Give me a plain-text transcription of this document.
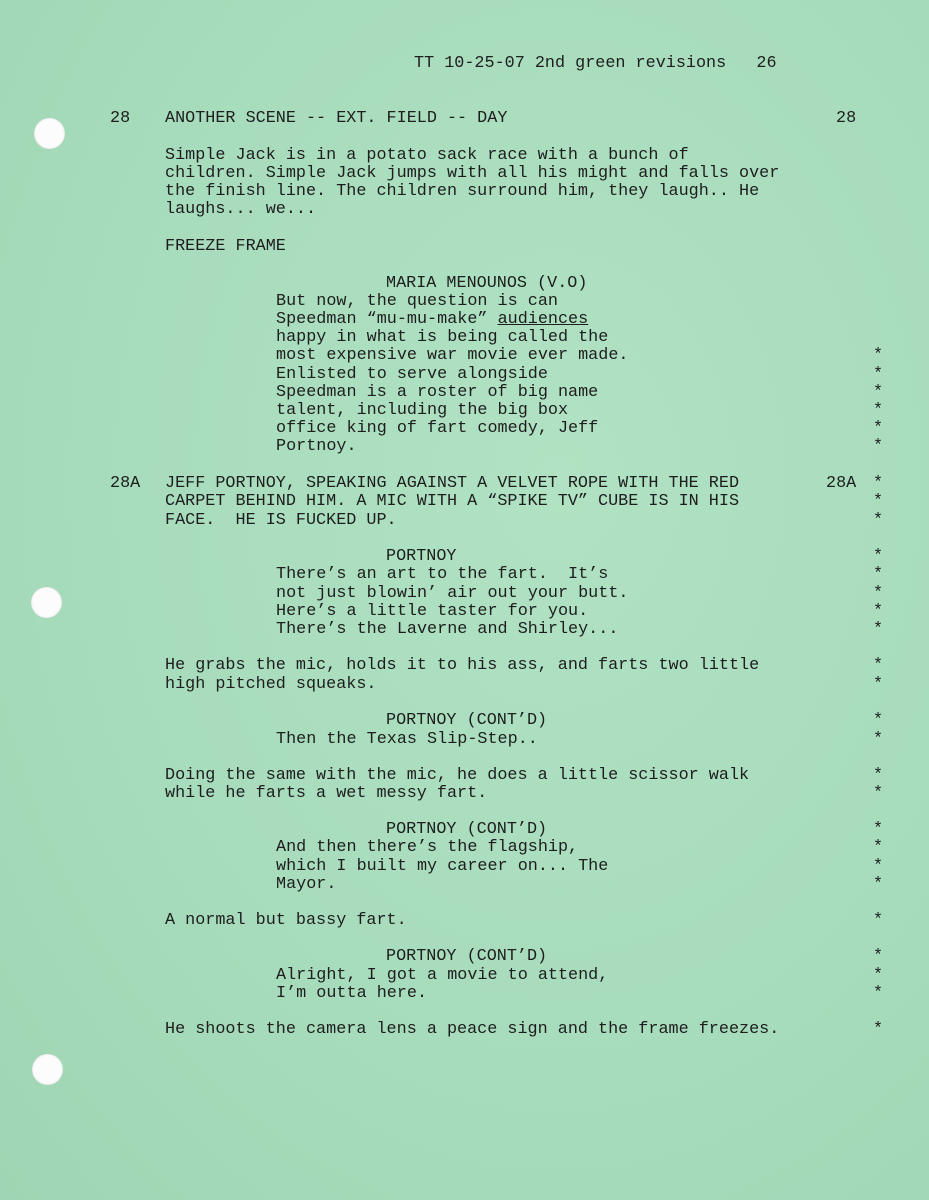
TT 10-25-07 2nd green revisions 26
28 ANOTHER SCENE -- EXT. FIELD -- DAY	28
Simple Jack is in a potato sack race with a bunch of
children. Simple Jack jumps with all his might and falls over
the finish line. The children surround him, they laugh.. He
laughs... we...
FREEZE FRAME
MARIA MENOUNOS (V.O)
But now, the question is can
Speedman “mu-mu-make” audiences
happy in what is being called the
most expensive war movie ever made.
Enlisted to serve alongside
Speedman is a roster of big name
talent, including the big box
office king of fart comedy, Jeff
Portnoy.
28A JEFF PORTNOY, SPEAKING AGAINST A VELVET ROPE WITH THE RED	28A
CARPET BEHIND HIM. A MIC WITH A “SPIKE TV” CUBE IS IN HIS
FACE.  HE IS FUCKED UP.
PORTNOY
There’s an art to the fart.  It’s
not just blowin’ air out your butt.
Here’s a little taster for you.
There’s the Laverne and Shirley...
He grabs the mic, holds it to his ass, and farts two little
high pitched squeaks.
PORTNOY (CONT’D)
Then the Texas Slip-Step..
Doing the same with the mic, he does a little scissor walk
while he farts a wet messy fart.
PORTNOY (CONT’D)
And then there’s the flagship,
which I built my career on... The
Mayor.
A normal but bassy fart.
PORTNOY (CONT’D)
Alright, I got a movie to attend,
I’m outta here.
He shoots the camera lens a peace sign and the frame freezes.
*
*
*
*
*
*
*
*
*
*
*
*
*
*
*
*
*
*
*
*
*
*
*
*
*
*
*
*
*
